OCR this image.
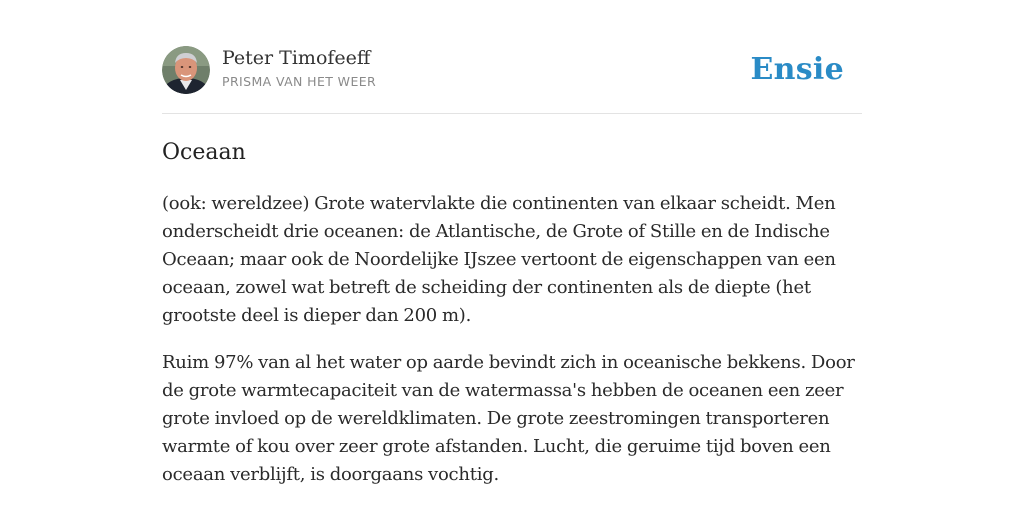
Peter Timofeeff
PRISMA VAN HET WEER	Ensie
Oceaan

(ook: wereldzee) Grote watervlakte die continenten van elkaar scheidt. Men onderscheidt drie oceanen: de Atlantische, de Grote of Stille en de Indische Oceaan; maar ook de Noordelijke IJszee vertoont de eigenschappen van een oceaan, zowel wat betreft de scheiding der continenten als de diepte (het grootste deel is dieper dan 200 m).

Ruim 97% van al het water op aarde bevindt zich in oceanische bekkens. Door de grote warmtecapaciteit van de watermassa's hebben de oceanen een zeer grote invloed op de wereldklimaten. De grote zeestromingen transporteren warmte of kou over zeer grote afstanden. Lucht, die geruime tijd boven een oceaan verblijft, is doorgaans vochtig.
